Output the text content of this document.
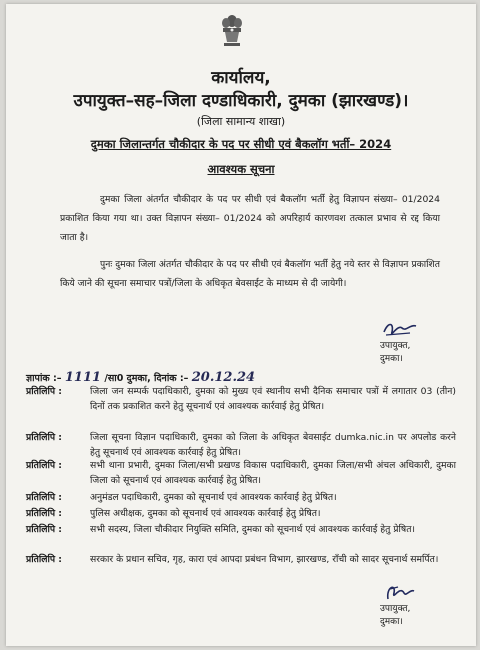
कार्यालय,
उपायुक्त–सह–जिला दण्डाधिकारी, दुमका (झारखण्ड)।
(जिला सामान्य शाखा)
दुमका जिलान्तर्गत चौकीदार के पद पर सीधी एवं बैकलॉग भर्ती– 2024
आवश्यक सूचना
दुमका जिला अंतर्गत चौकीदार के पद पर सीधी एवं बैकलॉग भर्ती हेतु विज्ञापन संख्या– 01/2024 प्रकाशित किया गया था। उक्त विज्ञापन संख्या– 01/2024 को अपरिहार्य कारणवश तत्काल प्रभाव से रद्द किया जाता है।
पुनः दुमका जिला अंतर्गत चौकीदार के पद पर सीधी एवं बैकलॉग भर्ती हेतु नये स्तर से विज्ञापन प्रकाशित किये जाने की सूचना समाचार पत्रों/जिला के अधिकृत बेवसाईट के माध्यम से दी जायेगी।
उपायुक्त,
दुमका।
ज्ञापांक :– 1111 /सा0 दुमका, दिनांक :– 20.12.24
प्रतिलिपि :	जिला जन सम्पर्क पदाधिकारी, दुमका को मुख्य एवं स्थानीय सभी दैनिक समाचार पत्रों में लगातार 03 (तीन) दिनों तक प्रकाशित करने हेतु सूचनार्थ एवं आवश्यक कार्रवाई हेतु प्रेषित।
प्रतिलिपि :	जिला सूचना विज्ञान पदाधिकारी, दुमका को जिला के अधिकृत बेवसाईट dumka.nic.in पर अपलोड करने हेतु सूचनार्थ एवं आवश्यक कार्रवाई हेतु प्रेषित।
प्रतिलिपि :	सभी थाना प्रभारी, दुमका जिला/सभी प्रखण्ड विकास पदाधिकारी, दुमका जिला/सभी अंचल अधिकारी, दुमका जिला को सूचनार्थ एवं आवश्यक कार्रवाई हेतु प्रेषित।
प्रतिलिपि :	अनुमंडल पदाधिकारी, दुमका को सूचनार्थ एवं आवश्यक कार्रवाई हेतु प्रेषित।
प्रतिलिपि :	पुलिस अधीक्षक, दुमका को सूचनार्थ एवं आवश्यक कार्रवाई हेतु प्रेषित।
प्रतिलिपि :	सभी सदस्य, जिला चौकीदार नियुक्ति समिति, दुमका को सूचनार्थ एवं आवश्यक कार्रवाई हेतु प्रेषित।
प्रतिलिपि :	सरकार के प्रधान सचिव, गृह, कारा एवं आपदा प्रबंधन विभाग, झारखण्ड, राँची को सादर सूचनार्थ समर्पित।
उपायुक्त,
दुमका।
